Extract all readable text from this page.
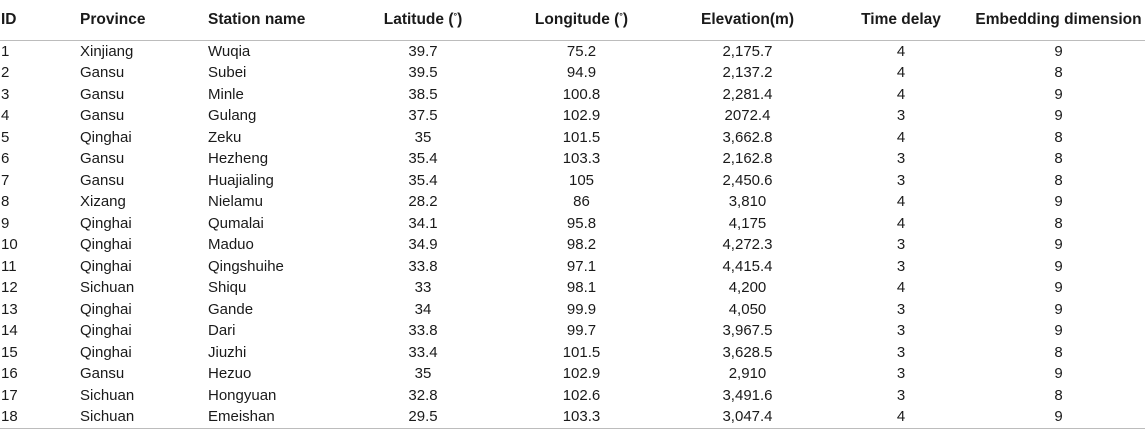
ID	Province	Station name	Latitude (°)	Longitude (°)	Elevation(m)	Time delay	Embedding dimension
1	Xinjiang	Wuqia	39.7	75.2	2,175.7	4	9
2	Gansu	Subei	39.5	94.9	2,137.2	4	8
3	Gansu	Minle	38.5	100.8	2,281.4	4	9
4	Gansu	Gulang	37.5	102.9	2072.4	3	9
5	Qinghai	Zeku	35	101.5	3,662.8	4	8
6	Gansu	Hezheng	35.4	103.3	2,162.8	3	8
7	Gansu	Huajialing	35.4	105	2,450.6	3	8
8	Xizang	Nielamu	28.2	86	3,810	4	9
9	Qinghai	Qumalai	34.1	95.8	4,175	4	8
10	Qinghai	Maduo	34.9	98.2	4,272.3	3	9
11	Qinghai	Qingshuihe	33.8	97.1	4,415.4	3	9
12	Sichuan	Shiqu	33	98.1	4,200	4	9
13	Qinghai	Gande	34	99.9	4,050	3	9
14	Qinghai	Dari	33.8	99.7	3,967.5	3	9
15	Qinghai	Jiuzhi	33.4	101.5	3,628.5	3	8
16	Gansu	Hezuo	35	102.9	2,910	3	9
17	Sichuan	Hongyuan	32.8	102.6	3,491.6	3	8
18	Sichuan	Emeishan	29.5	103.3	3,047.4	4	9
